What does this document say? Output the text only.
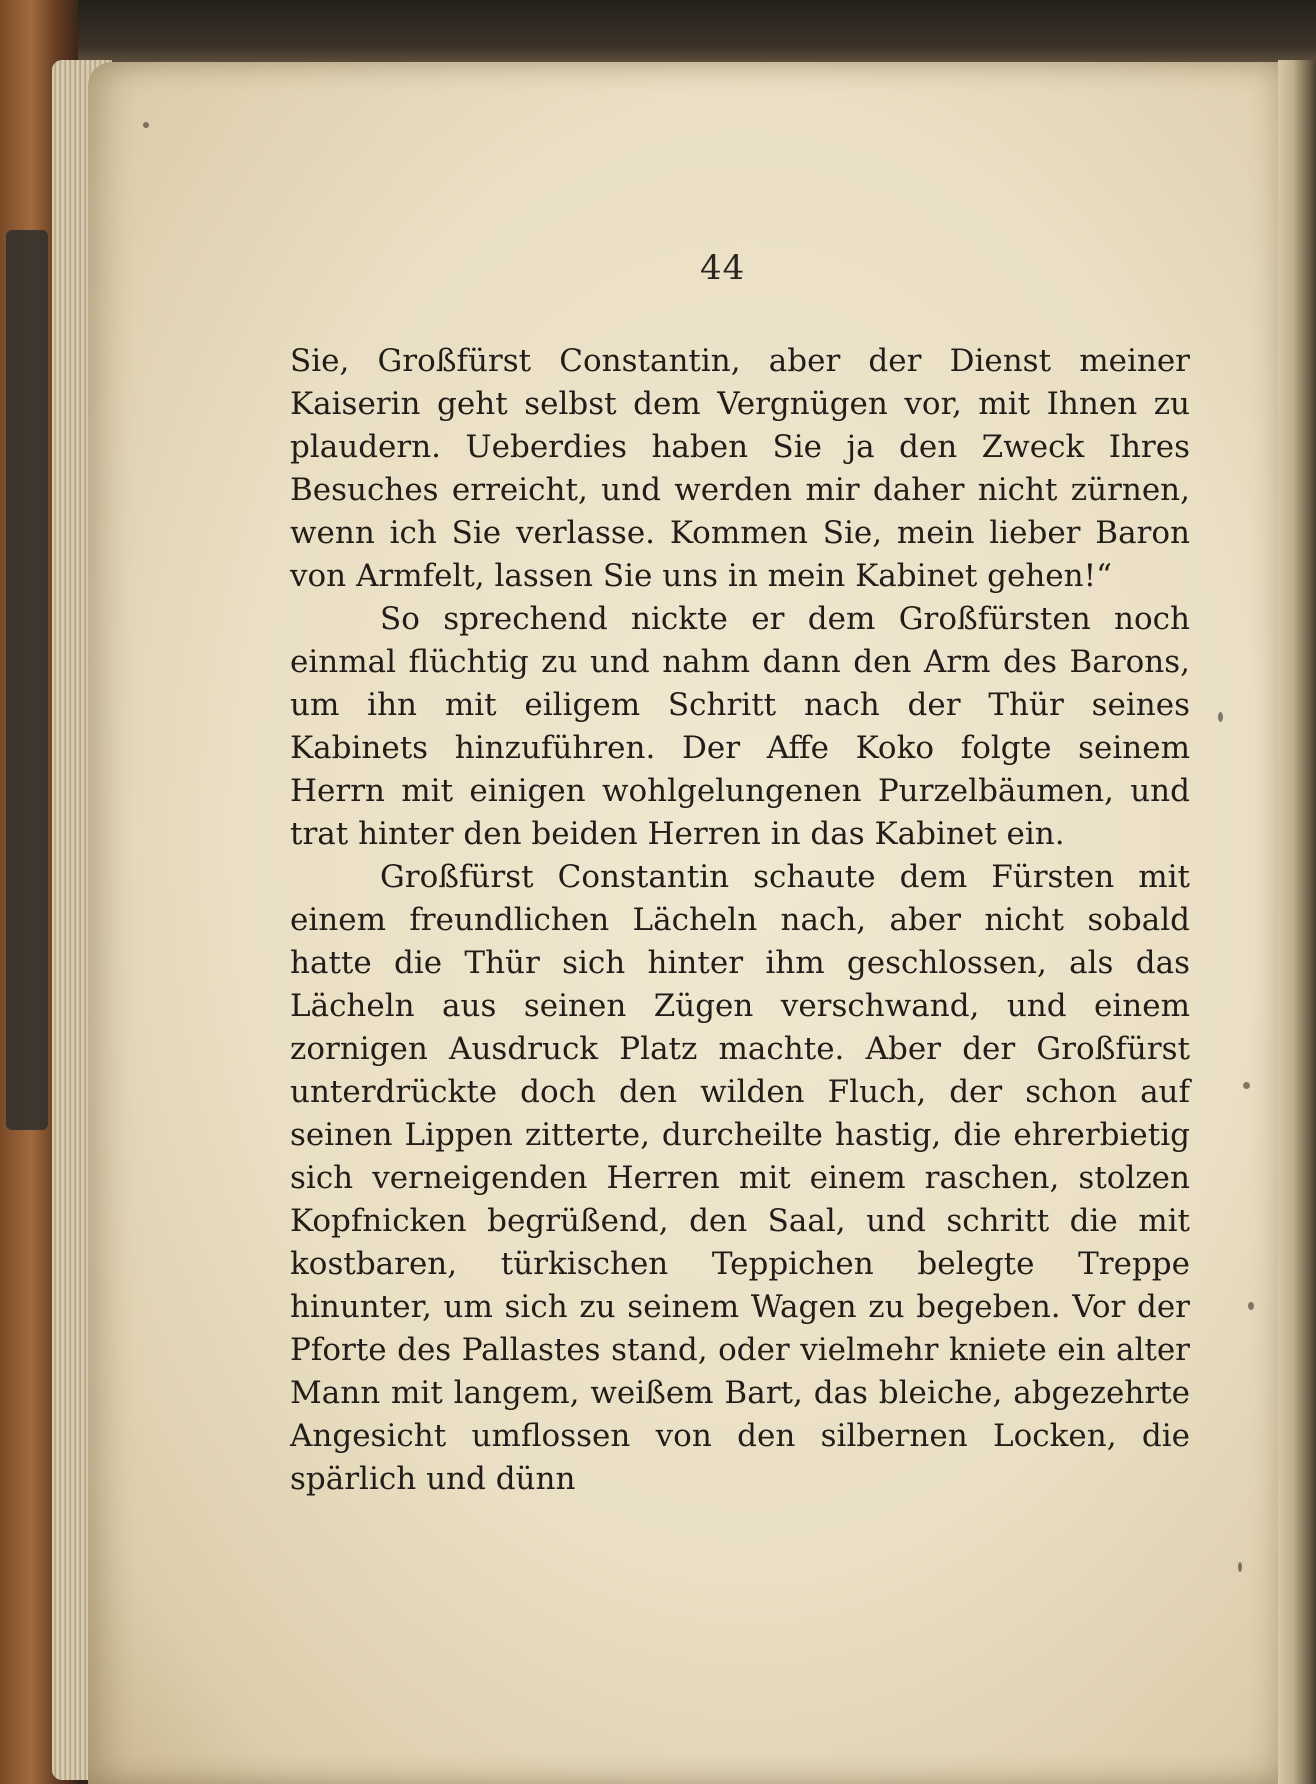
44

Sie, Großfürst Constantin, aber der Dienst meiner Kaiserin geht selbst dem Vergnügen vor, mit Ihnen zu plaudern. Ueberdies haben Sie ja den Zweck Ihres Besuches erreicht, und werden mir daher nicht zürnen, wenn ich Sie verlasse. Kommen Sie, mein lieber Baron von Armfelt, lassen Sie uns in mein Kabinet gehen!“

So sprechend nickte er dem Großfürsten noch einmal flüchtig zu und nahm dann den Arm des Barons, um ihn mit eiligem Schritt nach der Thür seines Kabinets hinzuführen. Der Affe Koko folgte seinem Herrn mit einigen wohlgelungenen Purzelbäumen, und trat hinter den beiden Herren in das Kabinet ein.

Großfürst Constantin schaute dem Fürsten mit einem freundlichen Lächeln nach, aber nicht sobald hatte die Thür sich hinter ihm geschlossen, als das Lächeln aus seinen Zügen verschwand, und einem zornigen Ausdruck Platz machte. Aber der Großfürst unterdrückte doch den wilden Fluch, der schon auf seinen Lippen zitterte, durcheilte hastig, die ehrerbietig sich verneigenden Herren mit einem raschen, stolzen Kopfnicken begrüßend, den Saal, und schritt die mit kostbaren, türkischen Teppichen belegte Treppe hinunter, um sich zu seinem Wagen zu begeben. Vor der Pforte des Pallastes stand, oder vielmehr kniete ein alter Mann mit langem, weißem Bart, das bleiche, abgezehrte Angesicht umflossen von den silbernen Locken, die spärlich und dünn
